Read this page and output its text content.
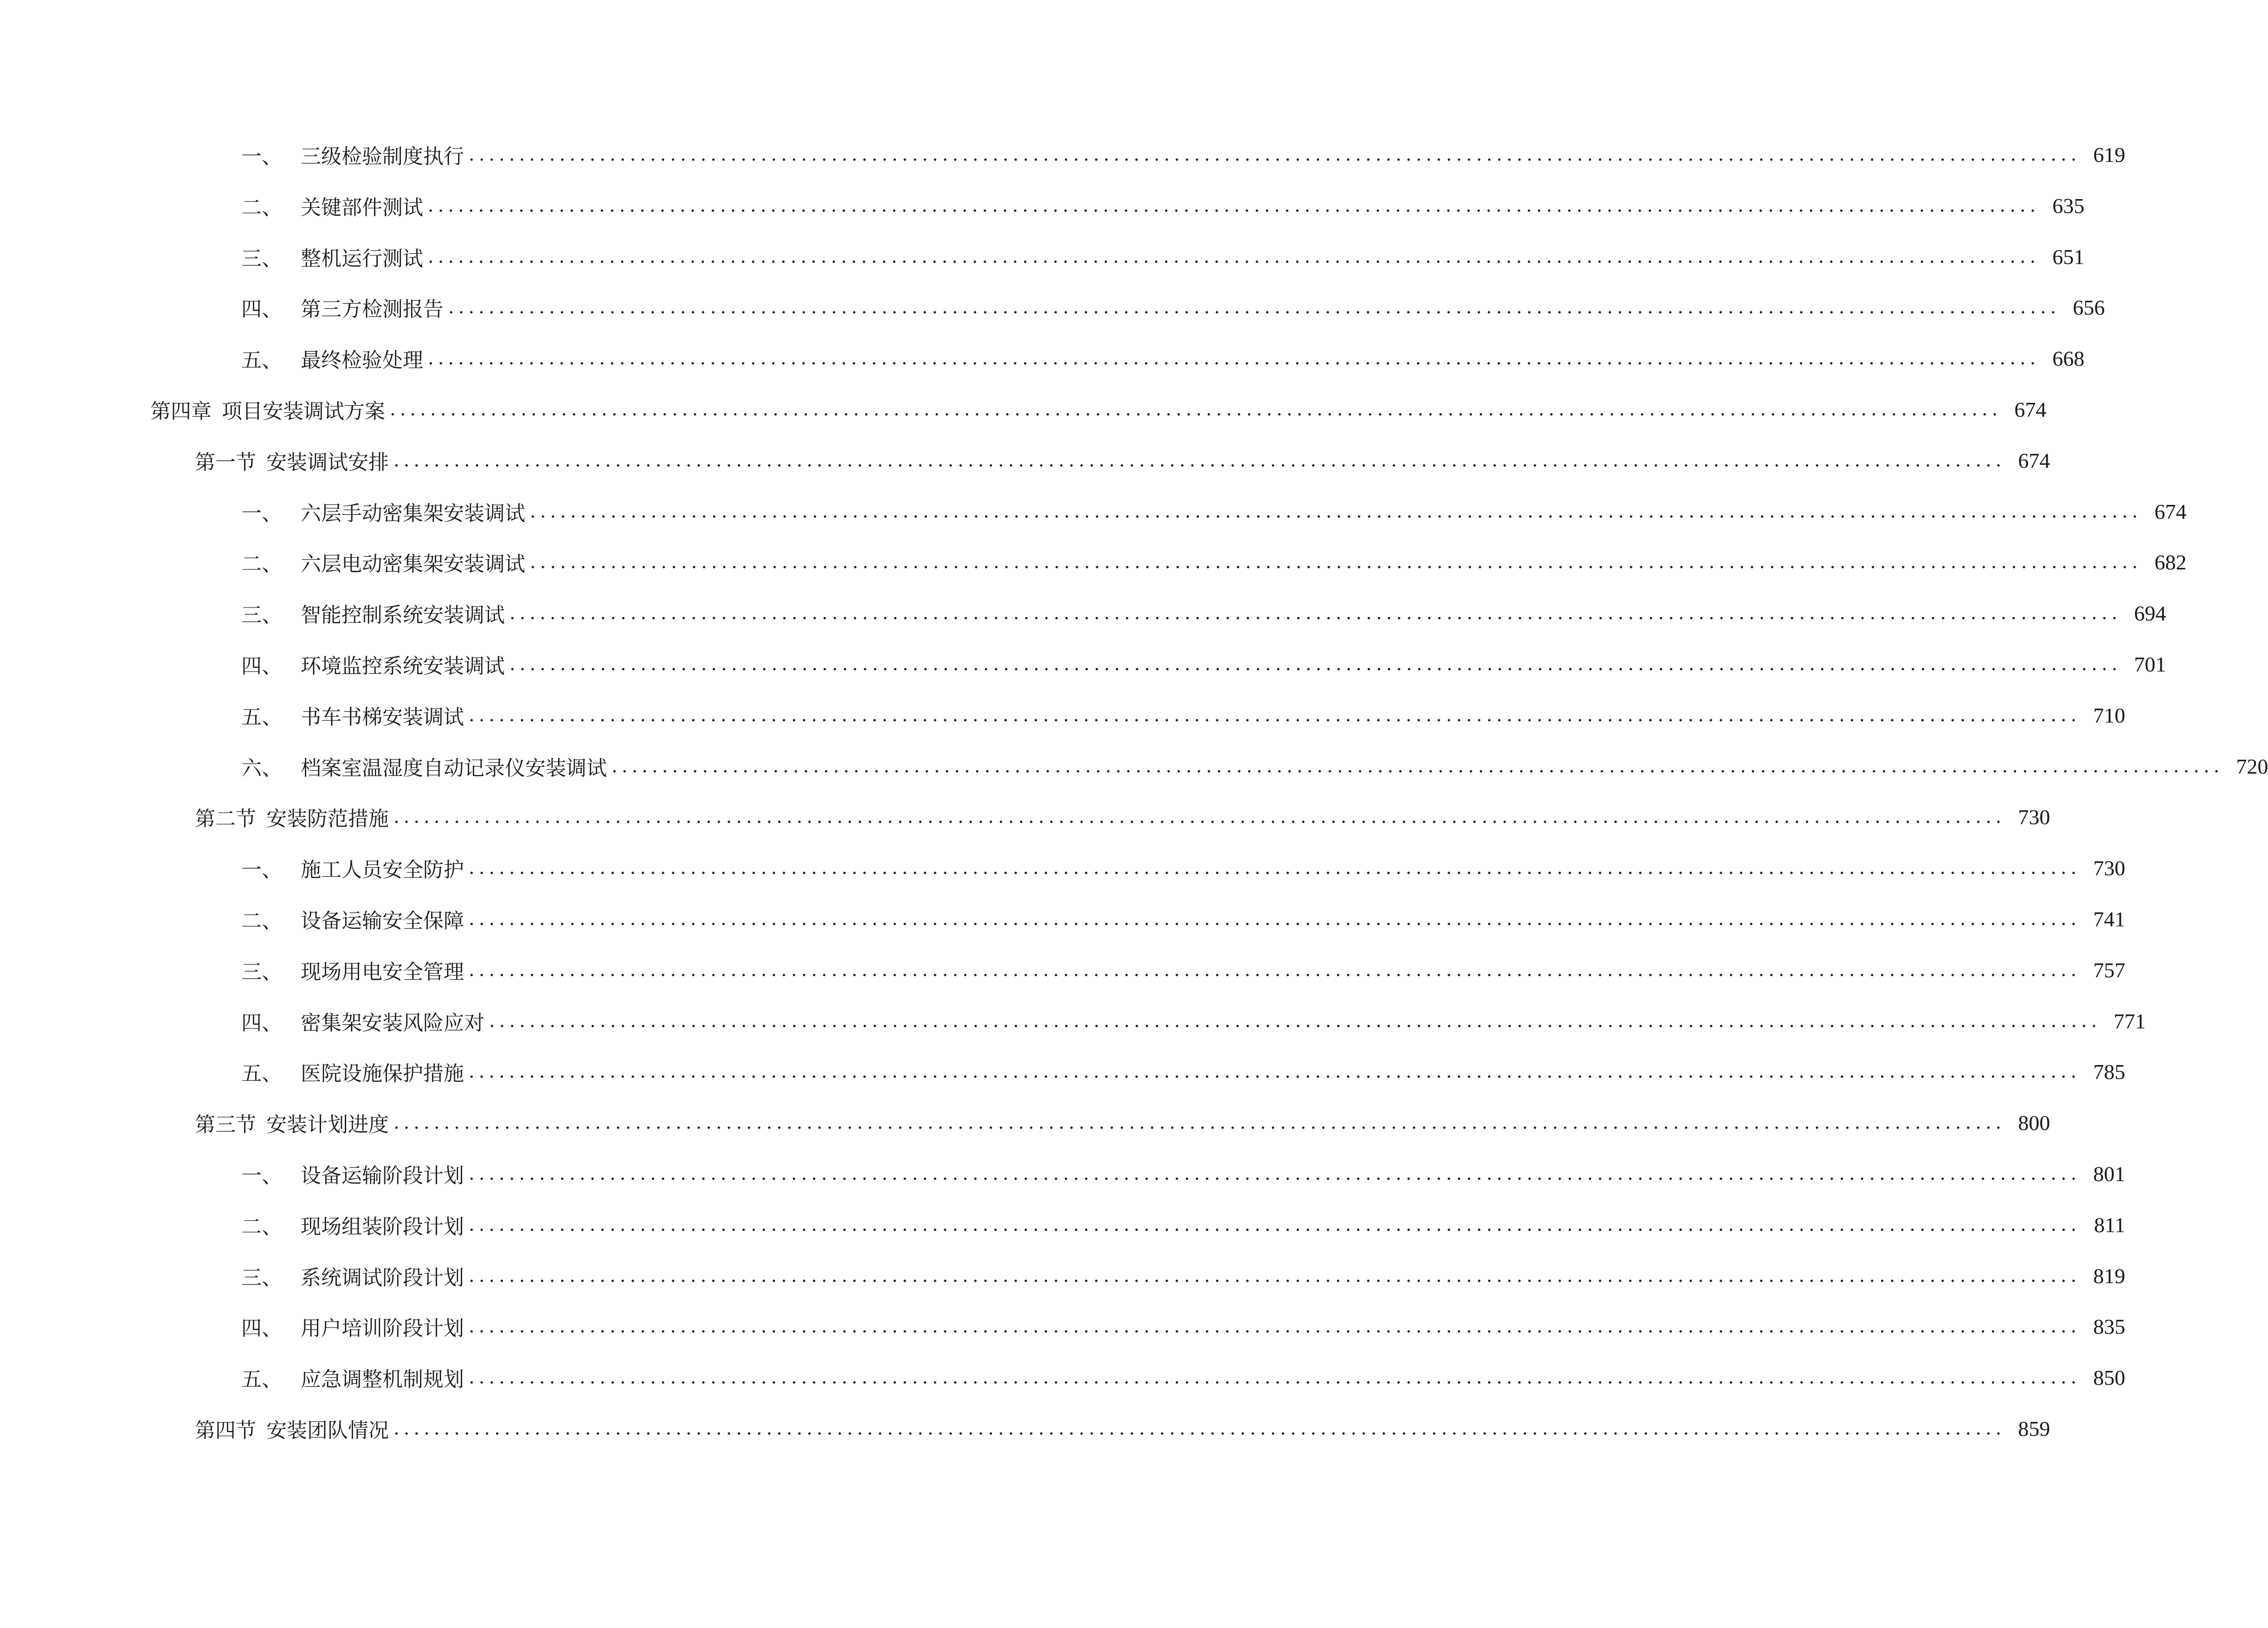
一、 三级检验制度执行 ................................................................................................................................................................ 619
二、 关键部件测试 ................................................................................................................................................................ 635
三、 整机运行测试 ................................................................................................................................................................ 651
四、 第三方检测报告 ................................................................................................................................................................ 656
五、 最终检验处理 ................................................................................................................................................................ 668
第四章 项目安装调试方案 ................................................................................................................................................................ 674
第一节 安装调试安排 ................................................................................................................................................................ 674
一、 六层手动密集架安装调试 ................................................................................................................................................................ 674
二、 六层电动密集架安装调试 ................................................................................................................................................................ 682
三、 智能控制系统安装调试 ................................................................................................................................................................ 694
四、 环境监控系统安装调试 ................................................................................................................................................................ 701
五、 书车书梯安装调试 ................................................................................................................................................................ 710
六、 档案室温湿度自动记录仪安装调试 ................................................................................................................................................................ 720
第二节 安装防范措施 ................................................................................................................................................................ 730
一、 施工人员安全防护 ................................................................................................................................................................ 730
二、 设备运输安全保障 ................................................................................................................................................................ 741
三、 现场用电安全管理 ................................................................................................................................................................ 757
四、 密集架安装风险应对 ................................................................................................................................................................ 771
五、 医院设施保护措施 ................................................................................................................................................................ 785
第三节 安装计划进度 ................................................................................................................................................................ 800
一、 设备运输阶段计划 ................................................................................................................................................................ 801
二、 现场组装阶段计划 ................................................................................................................................................................ 811
三、 系统调试阶段计划 ................................................................................................................................................................ 819
四、 用户培训阶段计划 ................................................................................................................................................................ 835
五、 应急调整机制规划 ................................................................................................................................................................ 850
第四节 安装团队情况 ................................................................................................................................................................ 859
